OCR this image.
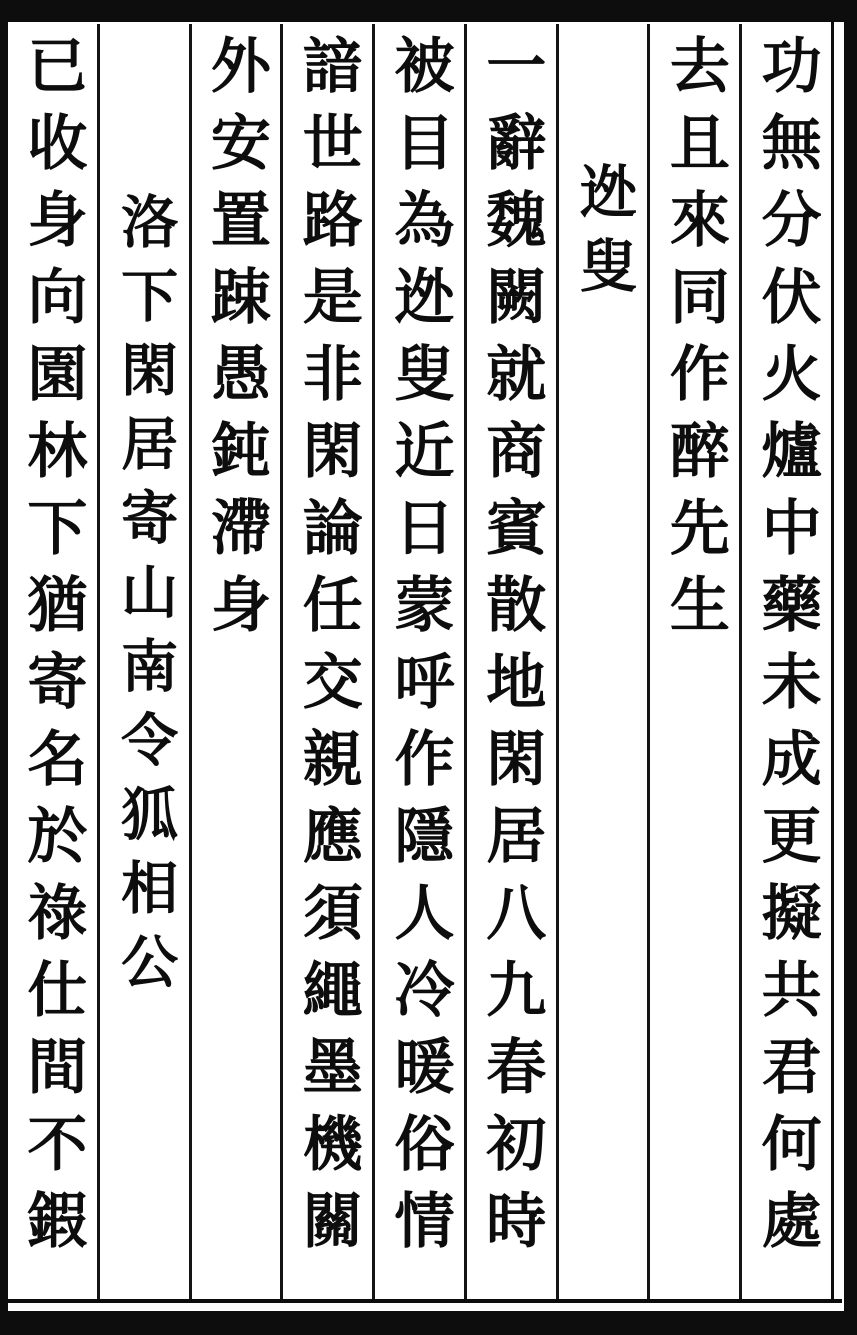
功無分伏火爐中藥未成更擬共君何處
去且來同作醉先生
迯叟
一辭魏闕就商賓散地閑居八九春初時
被目為迯叟近日蒙呼作隱人冷暖俗情
諳世路是非閑論任交親應須繩墨機關
外安置踈愚鈍滯身
洛下閑居寄山南令狐相公
已收身向園林下猶寄名於祿仕間不鍜
